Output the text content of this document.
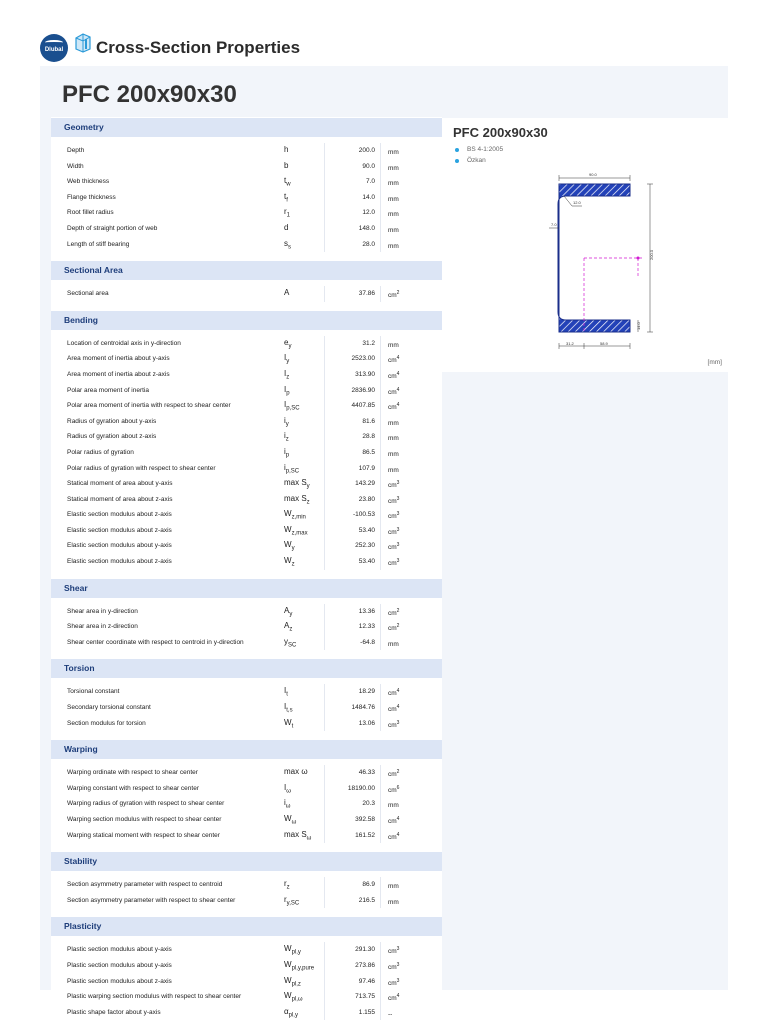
Dlubal Cross-Section Properties
PFC 200x90x30
Geometry
Depth	h	200.0 mm
Width	b	90.0 mm
Web thickness	$t_w$	7.0 mm
Flange thickness	$t_f$	14.0 mm
Root fillet radius	$r_1$	12.0 mm
Depth of straight portion of web	d	148.0 mm
Length of stiff bearing	$s_s$	28.0 mm
Sectional Area
Sectional area	A	37.86 $cm^2$
Bending
Location of centroidal axis in y-direction	$e_y$	31.2 mm
Area moment of inertia about y-axis	$I_y$	2523.00 $cm^4$
Area moment of inertia about z-axis	$I_z$	313.90 $cm^4$
Polar area moment of inertia	$I_p$	2836.90 $cm^4$
Polar area moment of inertia with respect to shear center	$I_{p,SC}$	4407.85 $cm^4$
Radius of gyration about y-axis	$i_y$	81.6 mm
Radius of gyration about z-axis	$i_z$	28.8 mm
Polar radius of gyration	$i_p$	86.5 mm
Polar radius of gyration with respect to shear center	$i_{p,SC}$	107.9 mm
Statical moment of area about y-axis	$\max S_y$	143.29 $cm^3$
Statical moment of area about z-axis	$\max S_z$	23.80 $cm^3$
Elastic section modulus about z-axis	$W_{z,min}$	-100.53 $cm^3$
Elastic section modulus about z-axis	$W_{z,max}$	53.40 $cm^3$
Elastic section modulus about y-axis	$W_y$	252.30 $cm^3$
Elastic section modulus about z-axis	$W_z$	53.40 $cm^3$
Shear
Shear area in y-direction	$A_y$	13.36 $cm^2$
Shear area in z-direction	$A_z$	12.33 $cm^2$
Shear center coordinate with respect to centroid in y-direction	$y_{SC}$	-64.8 mm
Torsion
Torsional constant	$I_t$	18.29 $cm^4$
Secondary torsional constant	$I_{t,s}$	1484.76 $cm^4$
Section modulus for torsion	$W_t$	13.06 $cm^3$
Warping
Warping ordinate with respect to shear center	max ω	46.33 $cm^2$
Warping constant with respect to shear center	$I_\omega$	18190.00 $cm^6$
Warping radius of gyration with respect to shear center	$i_\omega$	20.3 mm
Warping section modulus with respect to shear center	$W_\omega$	392.58 $cm^4$
Warping statical moment with respect to shear center	$\max S_\omega$	161.52 $cm^4$
Stability
Section asymmetry parameter with respect to centroid	$r_z$	86.9 mm
Section asymmetry parameter with respect to shear center	$r_{y,SC}$	216.5 mm
Plasticity
Plastic section modulus about y-axis	$W_{pl,y}$	291.30 $cm^3$
Plastic section modulus about y-axis	$W_{pl,y,pure}$	273.86 $cm^3$
Plastic section modulus about z-axis	$W_{pl,z}$	97.46 $cm^3$
Plastic warping section modulus with respect to shear center	$W_{pl,\omega}$	713.75 $cm^4$
Plastic shape factor about y-axis	$\alpha_{pl,y}$	1.155 --
PFC 200x90x30
BS 4-1:2005
Özkan
90.0
200.0
12.0
7.0
14.0
31.2	58.9
[mm]
